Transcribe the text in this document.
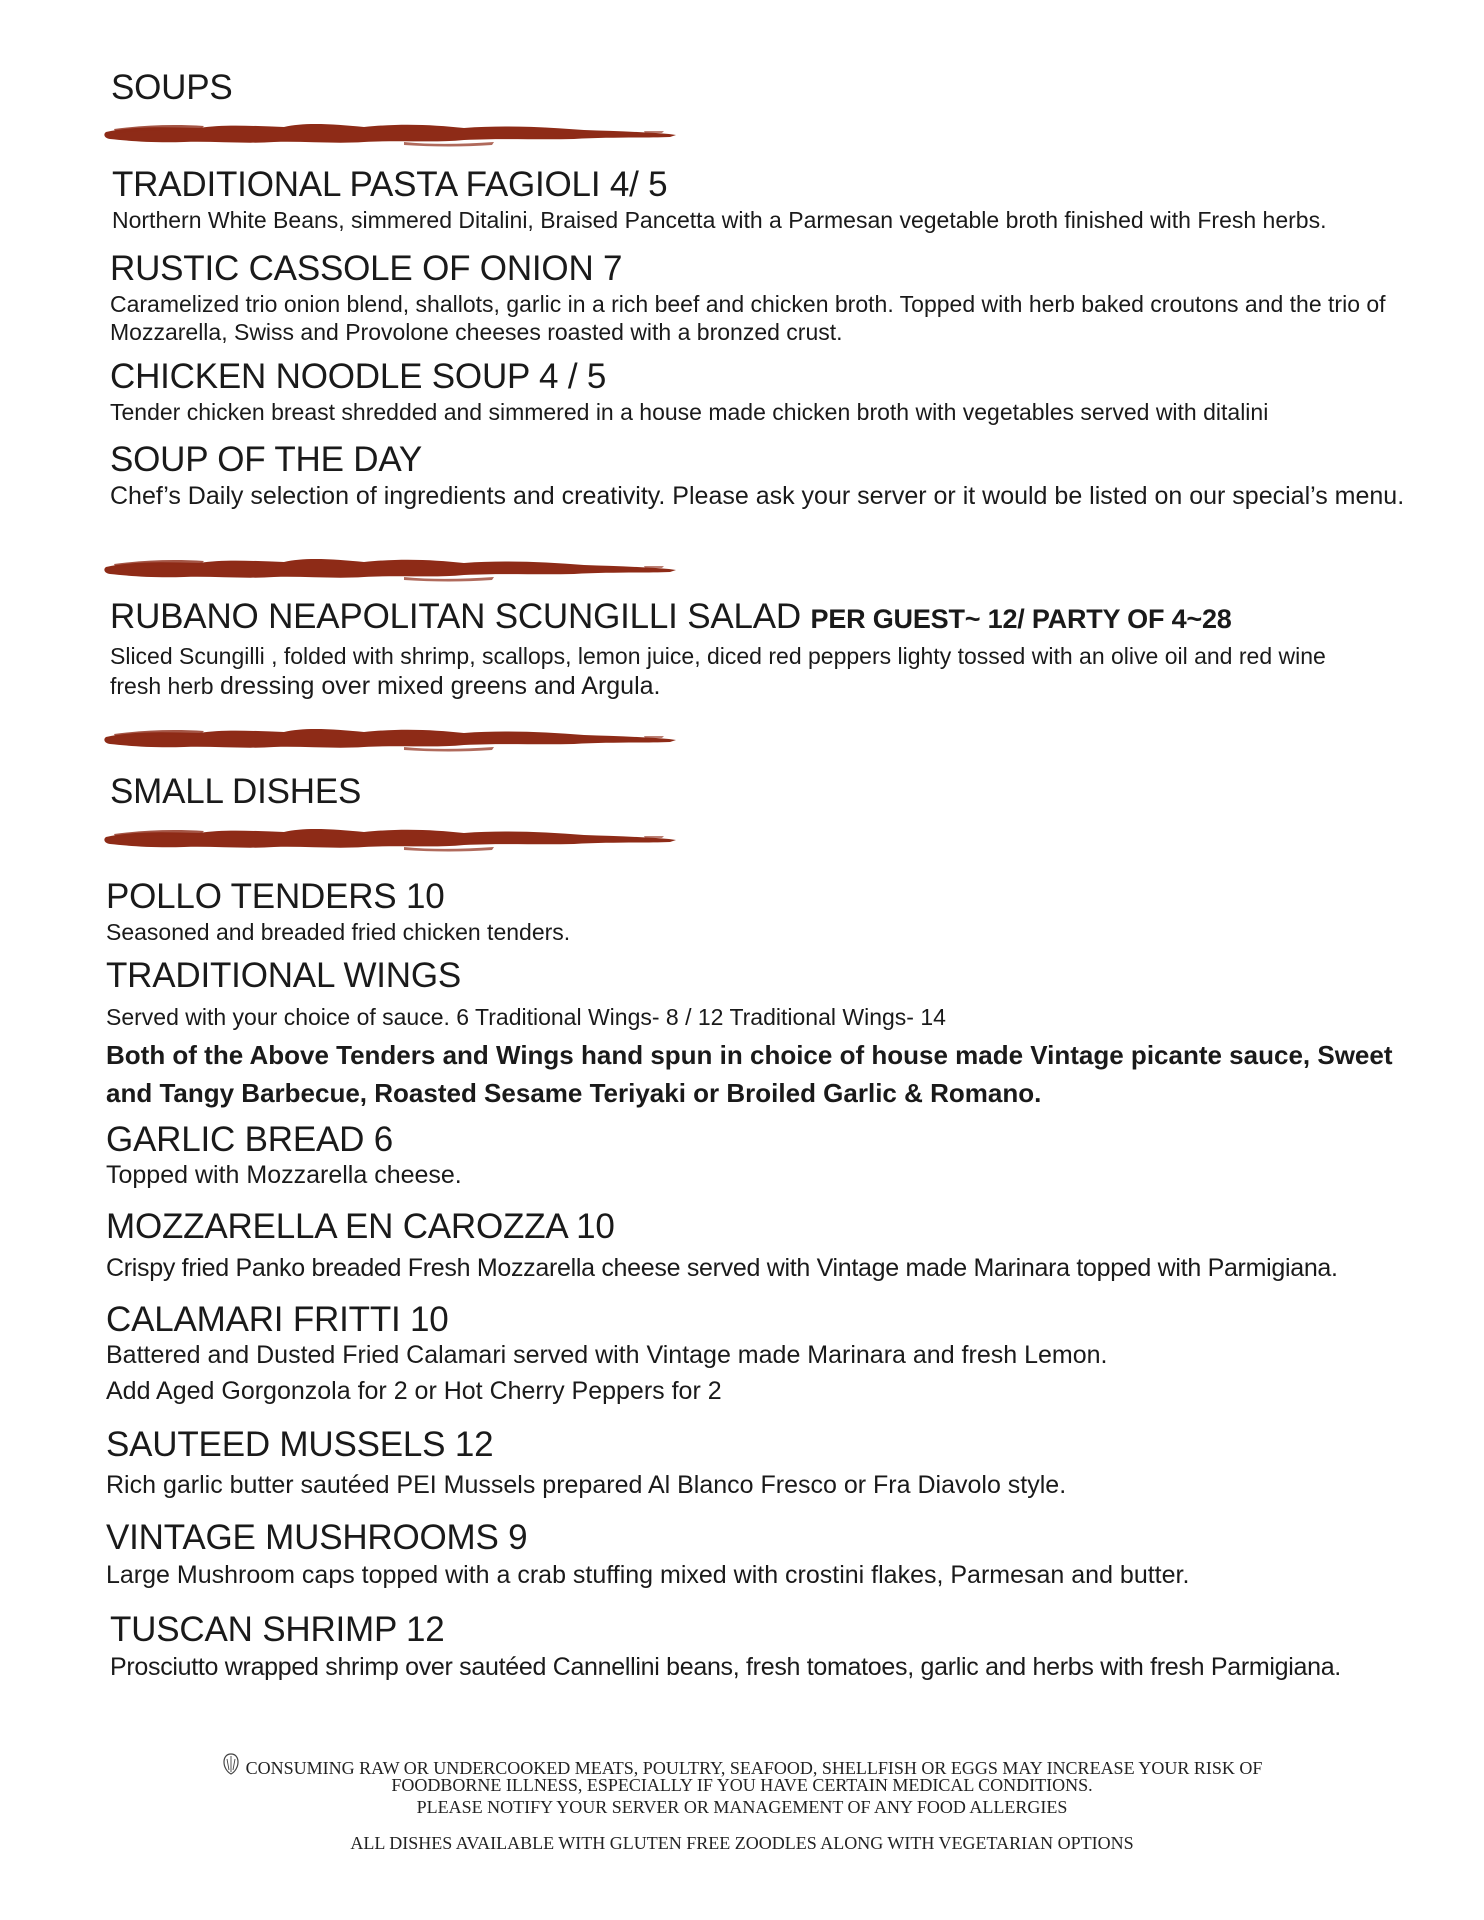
SOUPS
TRADITIONAL PASTA FAGIOLI 4/ 5
Northern White Beans, simmered Ditalini, Braised Pancetta with a Parmesan vegetable broth finished with Fresh herbs.
RUSTIC CASSOLE OF ONION 7
Caramelized trio onion blend, shallots, garlic in a rich beef and chicken broth. Topped with herb baked croutons and the trio of Mozzarella, Swiss and Provolone cheeses roasted with a bronzed crust.
CHICKEN NOODLE SOUP 4 / 5
Tender chicken breast shredded and simmered in a house made chicken broth with vegetables served with ditalini
SOUP OF THE DAY
Chef’s Daily selection of ingredients and creativity. Please ask your server or it would be listed on our special’s menu.
RUBANO NEAPOLITAN SCUNGILLI SALAD PER GUEST~ 12/ PARTY OF 4~28
Sliced Scungilli , folded with shrimp, scallops, lemon juice, diced red peppers lighty tossed with an olive oil and red wine
fresh herb dressing over mixed greens and Argula.
SMALL DISHES
POLLO TENDERS 10
Seasoned and breaded fried chicken tenders.
TRADITIONAL WINGS
Served with your choice of sauce. 6 Traditional Wings- 8 / 12 Traditional Wings- 14
Both of the Above Tenders and Wings hand spun in choice of house made Vintage picante sauce, Sweet and Tangy Barbecue, Roasted Sesame Teriyaki or Broiled Garlic & Romano.
GARLIC BREAD 6
Topped with Mozzarella cheese.
MOZZARELLA EN CAROZZA 10
Crispy fried Panko breaded Fresh Mozzarella cheese served with Vintage made Marinara topped with Parmigiana.
CALAMARI FRITTI 10
Battered and Dusted Fried Calamari served with Vintage made Marinara and fresh Lemon.
Add Aged Gorgonzola for 2 or Hot Cherry Peppers for 2
SAUTEED MUSSELS 12
Rich garlic butter sautéed PEI Mussels prepared Al Blanco Fresco or Fra Diavolo style.
VINTAGE MUSHROOMS 9
Large Mushroom caps topped with a crab stuffing mixed with crostini flakes, Parmesan and butter.
TUSCAN SHRIMP 12
Prosciutto wrapped shrimp over sautéed Cannellini beans, fresh tomatoes, garlic and herbs with fresh Parmigiana.
CONSUMING RAW OR UNDERCOOKED MEATS, POULTRY, SEAFOOD, SHELLFISH OR EGGS MAY INCREASE YOUR RISK OF
FOODBORNE ILLNESS, ESPECIALLY IF YOU HAVE CERTAIN MEDICAL CONDITIONS.
PLEASE NOTIFY YOUR SERVER OR MANAGEMENT OF ANY FOOD ALLERGIES
ALL DISHES AVAILABLE WITH GLUTEN FREE ZOODLES ALONG WITH VEGETARIAN OPTIONS
